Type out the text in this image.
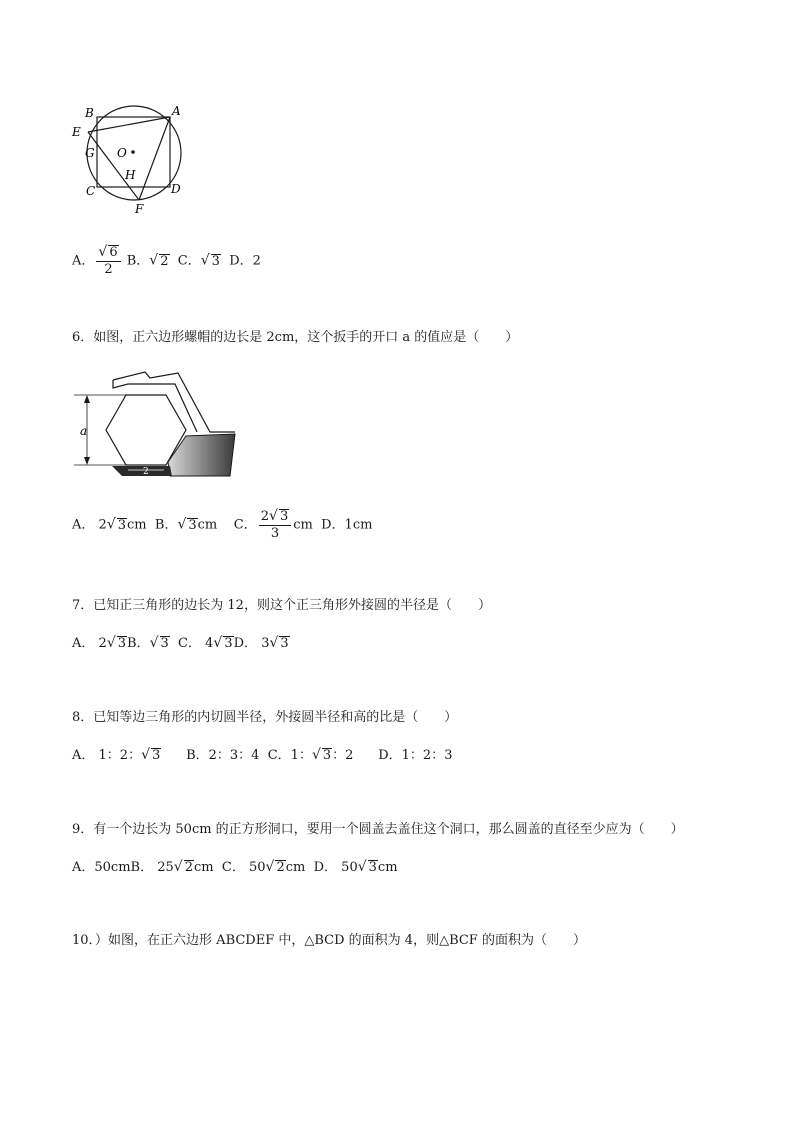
B	A
E
G O
H
C	D
F
A． $\frac{√ 6}{2}$ B．√ 2 C．√ 3 D．2
6．如图，正六边形螺帽的边长是 2cm，这个扳手的开口 a 的值应是（　　）
a
2
A． 2√ 3cm B．√ 3cm C． $\frac{2√ 3}{3}$ cm D．1cm
7．已知正三角形的边长为 12，则这个正三角形外接圆的半径是（　　）
A． 2√ 3B．√ 3 C． 4√ 3D． 3√ 3
8．已知等边三角形的内切圆半径，外接圆半径和高的比是（　　）
A． 1：2：√ 3 B．2：3：4 C．1：√ 3：2 D．1：2：3
9．有一个边长为 50cm 的正方形洞口，要用一个圆盖去盖住这个洞口，那么圆盖的直径至少应为（　　）
A．50cmB． 25√ 2cm C． 50√ 2cm D． 50√ 3cm
10．）如图，在正六边形 ABCDEF 中，△BCD 的面积为 4，则△BCF 的面积为（　　）
